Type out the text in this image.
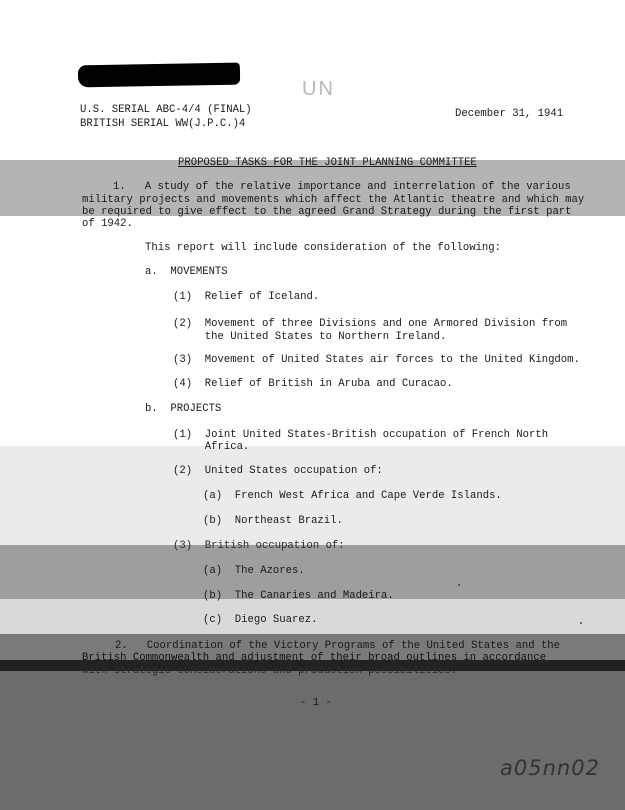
UN
U.S. SERIAL ABC-4/4 (FINAL)
BRITISH SERIAL WW(J.P.C.)4
December 31, 1941
PROPOSED TASKS FOR THE JOINT PLANNING COMMITTEE
1.   A study of the relative importance and interrelation of the various
military projects and movements which affect the Atlantic theatre and which may
be required to give effect to the agreed Grand Strategy during the first part
of 1942.
This report will include consideration of the following:
a.  MOVEMENTS
(1)  Relief of Iceland.
(2)  Movement of three Divisions and one Armored Division from
the United States to Northern Ireland.
(3)  Movement of United States air forces to the United Kingdom.
(4)  Relief of British in Aruba and Curacao.
b.  PROJECTS
(1)  Joint United States-British occupation of French North
Africa.
(2)  United States occupation of:
(a)  French West Africa and Cape Verde Islands.
(b)  Northeast Brazil.
(3)  British occupation of:
(a)  The Azores.
(b)  The Canaries and Madeira.
(c)  Diego Suarez.
2.   Coordination of the Victory Programs of the United States and the
British Commonwealth and adjustment of their broad outlines in accordance
with strategic considerations and production possibilities.
- 1 -
a05nn02
